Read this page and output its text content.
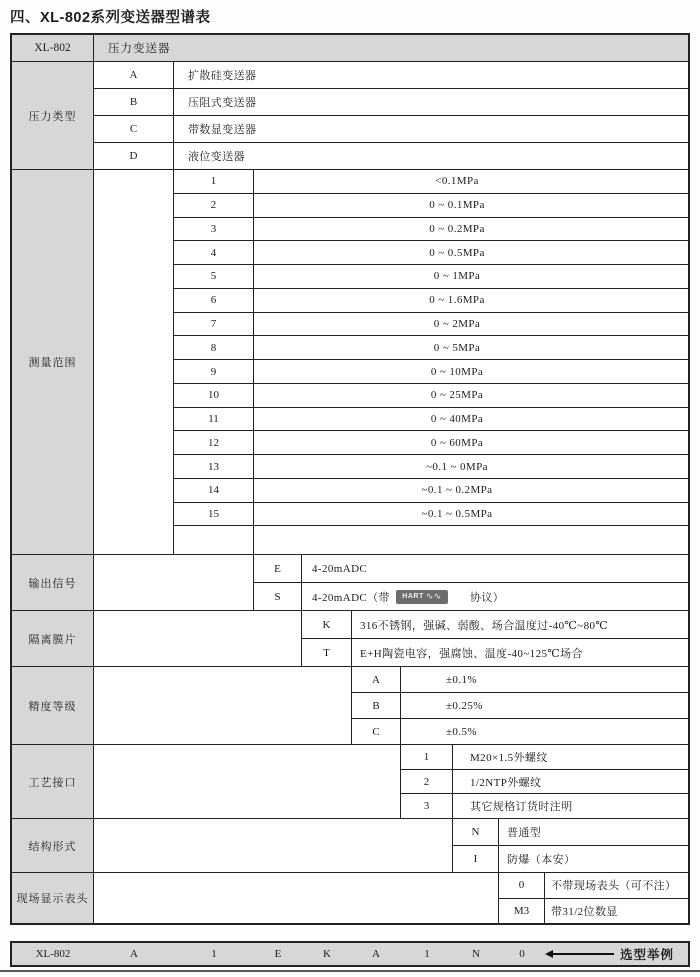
四、XL-802系列变送器型谱表
XL-802	压力变送器
压力类型
A	扩散硅变送器
B	压阻式变送器
C	带数显变送器
D	液位变送器
测量范围
1	<0.1MPa
2	0 ~ 0.1MPa
3	0 ~ 0.2MPa
4	0 ~ 0.5MPa
5	0 ~ 1MPa
6	0 ~ 1.6MPa
7	0 ~ 2MPa
8	0 ~ 5MPa
9	0 ~ 10MPa
10	0 ~ 25MPa
11	0 ~ 40MPa
12	0 ~ 60MPa
13	~0.1 ~ 0MPa
14	~0.1 ~ 0.2MPa
15	~0.1 ~ 0.5MPa
输出信号
E	4-20mADC
S	4-20mADC（带 HART ∿∿	协议）
隔离膜片
K	316不锈钢，强碱、弱酸、场合温度过-40℃~80℃
T	E+H陶瓷电容，强腐蚀、温度-40~125℃场合
精度等级
A	±0.1%
B	±0.25%
C	±0.5%
工艺接口
1	M20×1.5外螺纹
2	1/2NTP外螺纹
3	其它规格订货时注明
结构形式
N	普通型
I	防爆（本安）
现场显示表头
0	不带现场表头（可不注）
M3	带31/2位数显
选型举例
XL-802	A	1	E	K	A	1	N	0
